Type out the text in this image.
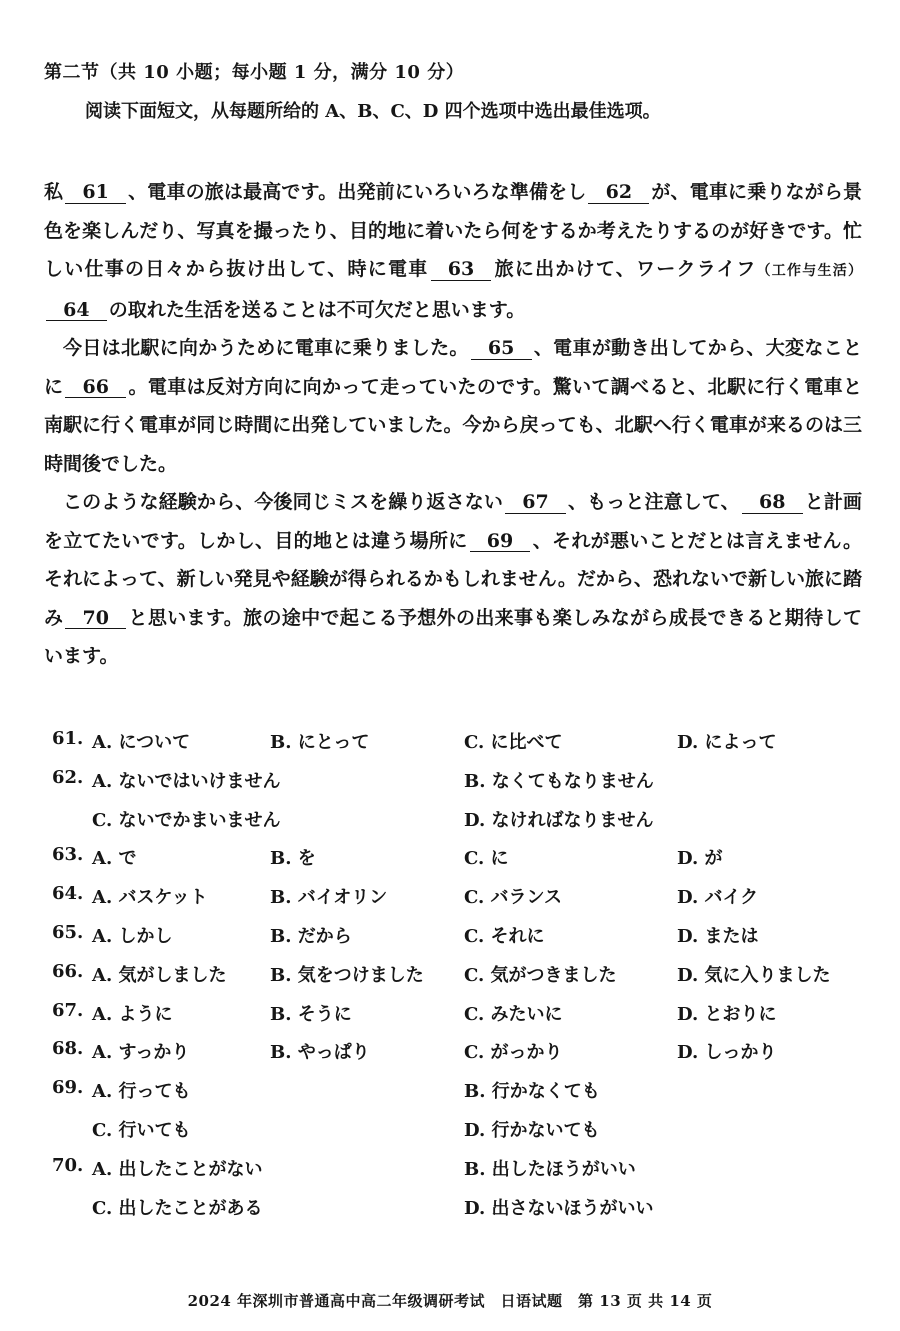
第二节（共 10 小题；每小题 1 分，满分 10 分）
阅读下面短文，从每题所给的 A、B、C、D 四个选项中选出最佳选项。

私 61 、電車の旅は最高です。出発前にいろいろな準備をし 62 が、電車に乗りながら景色を楽しんだり、写真を撮ったり、目的地に着いたら何をするか考えたりするのが好きです。忙しい仕事の日々から抜け出して、時に電車 63 旅に出かけて、ワークライフ（工作与生活）64 の取れた生活を送ることは不可欠だと思います。

今日は北駅に向かうために電車に乗りました。 65 、電車が動き出してから、大変なことに 66 。電車は反対方向に向かって走っていたのです。驚いて調べると、北駅に行く電車と南駅に行く電車が同じ時間に出発していました。今から戻っても、北駅へ行く電車が来るのは三時間後でした。

このような経験から、今後同じミスを繰り返さない 67 、もっと注意して、 68 と計画を立てたいです。しかし、目的地とは違う場所に 69 、それが悪いことだとは言えません。それによって、新しい発見や経験が得られるかもしれません。だから、恐れないで新しい旅に踏み 70 と思います。旅の途中で起こる予想外の出来事も楽しみながら成長できると期待しています。

61. A. について	B. にとって	C. に比べて	D. によって
62. A. ないではいけません	B. なくてもなりません
C. ないでかまいません	D. なければなりません
63. A. で	B. を	C. に	D. が
64. A. バスケット	B. バイオリン	C. バランス	D. バイク
65. A. しかし	B. だから	C. それに	D. または
66. A. 気がしました B. 気をつけました C. 気がつきました	D. 気に入りました
67. A. ように	B. そうに	C. みたいに	D. とおりに
68. A. すっかり	B. やっぱり	C. がっかり	D. しっかり
69. A. 行っても	B. 行かなくても
C. 行いても	D. 行かないても
70. A. 出したことがない	B. 出したほうがいい
C. 出したことがある	D. 出さないほうがいい
2024 年深圳市普通高中高二年级调研考试　日语试题　第 13 页 共 14 页
